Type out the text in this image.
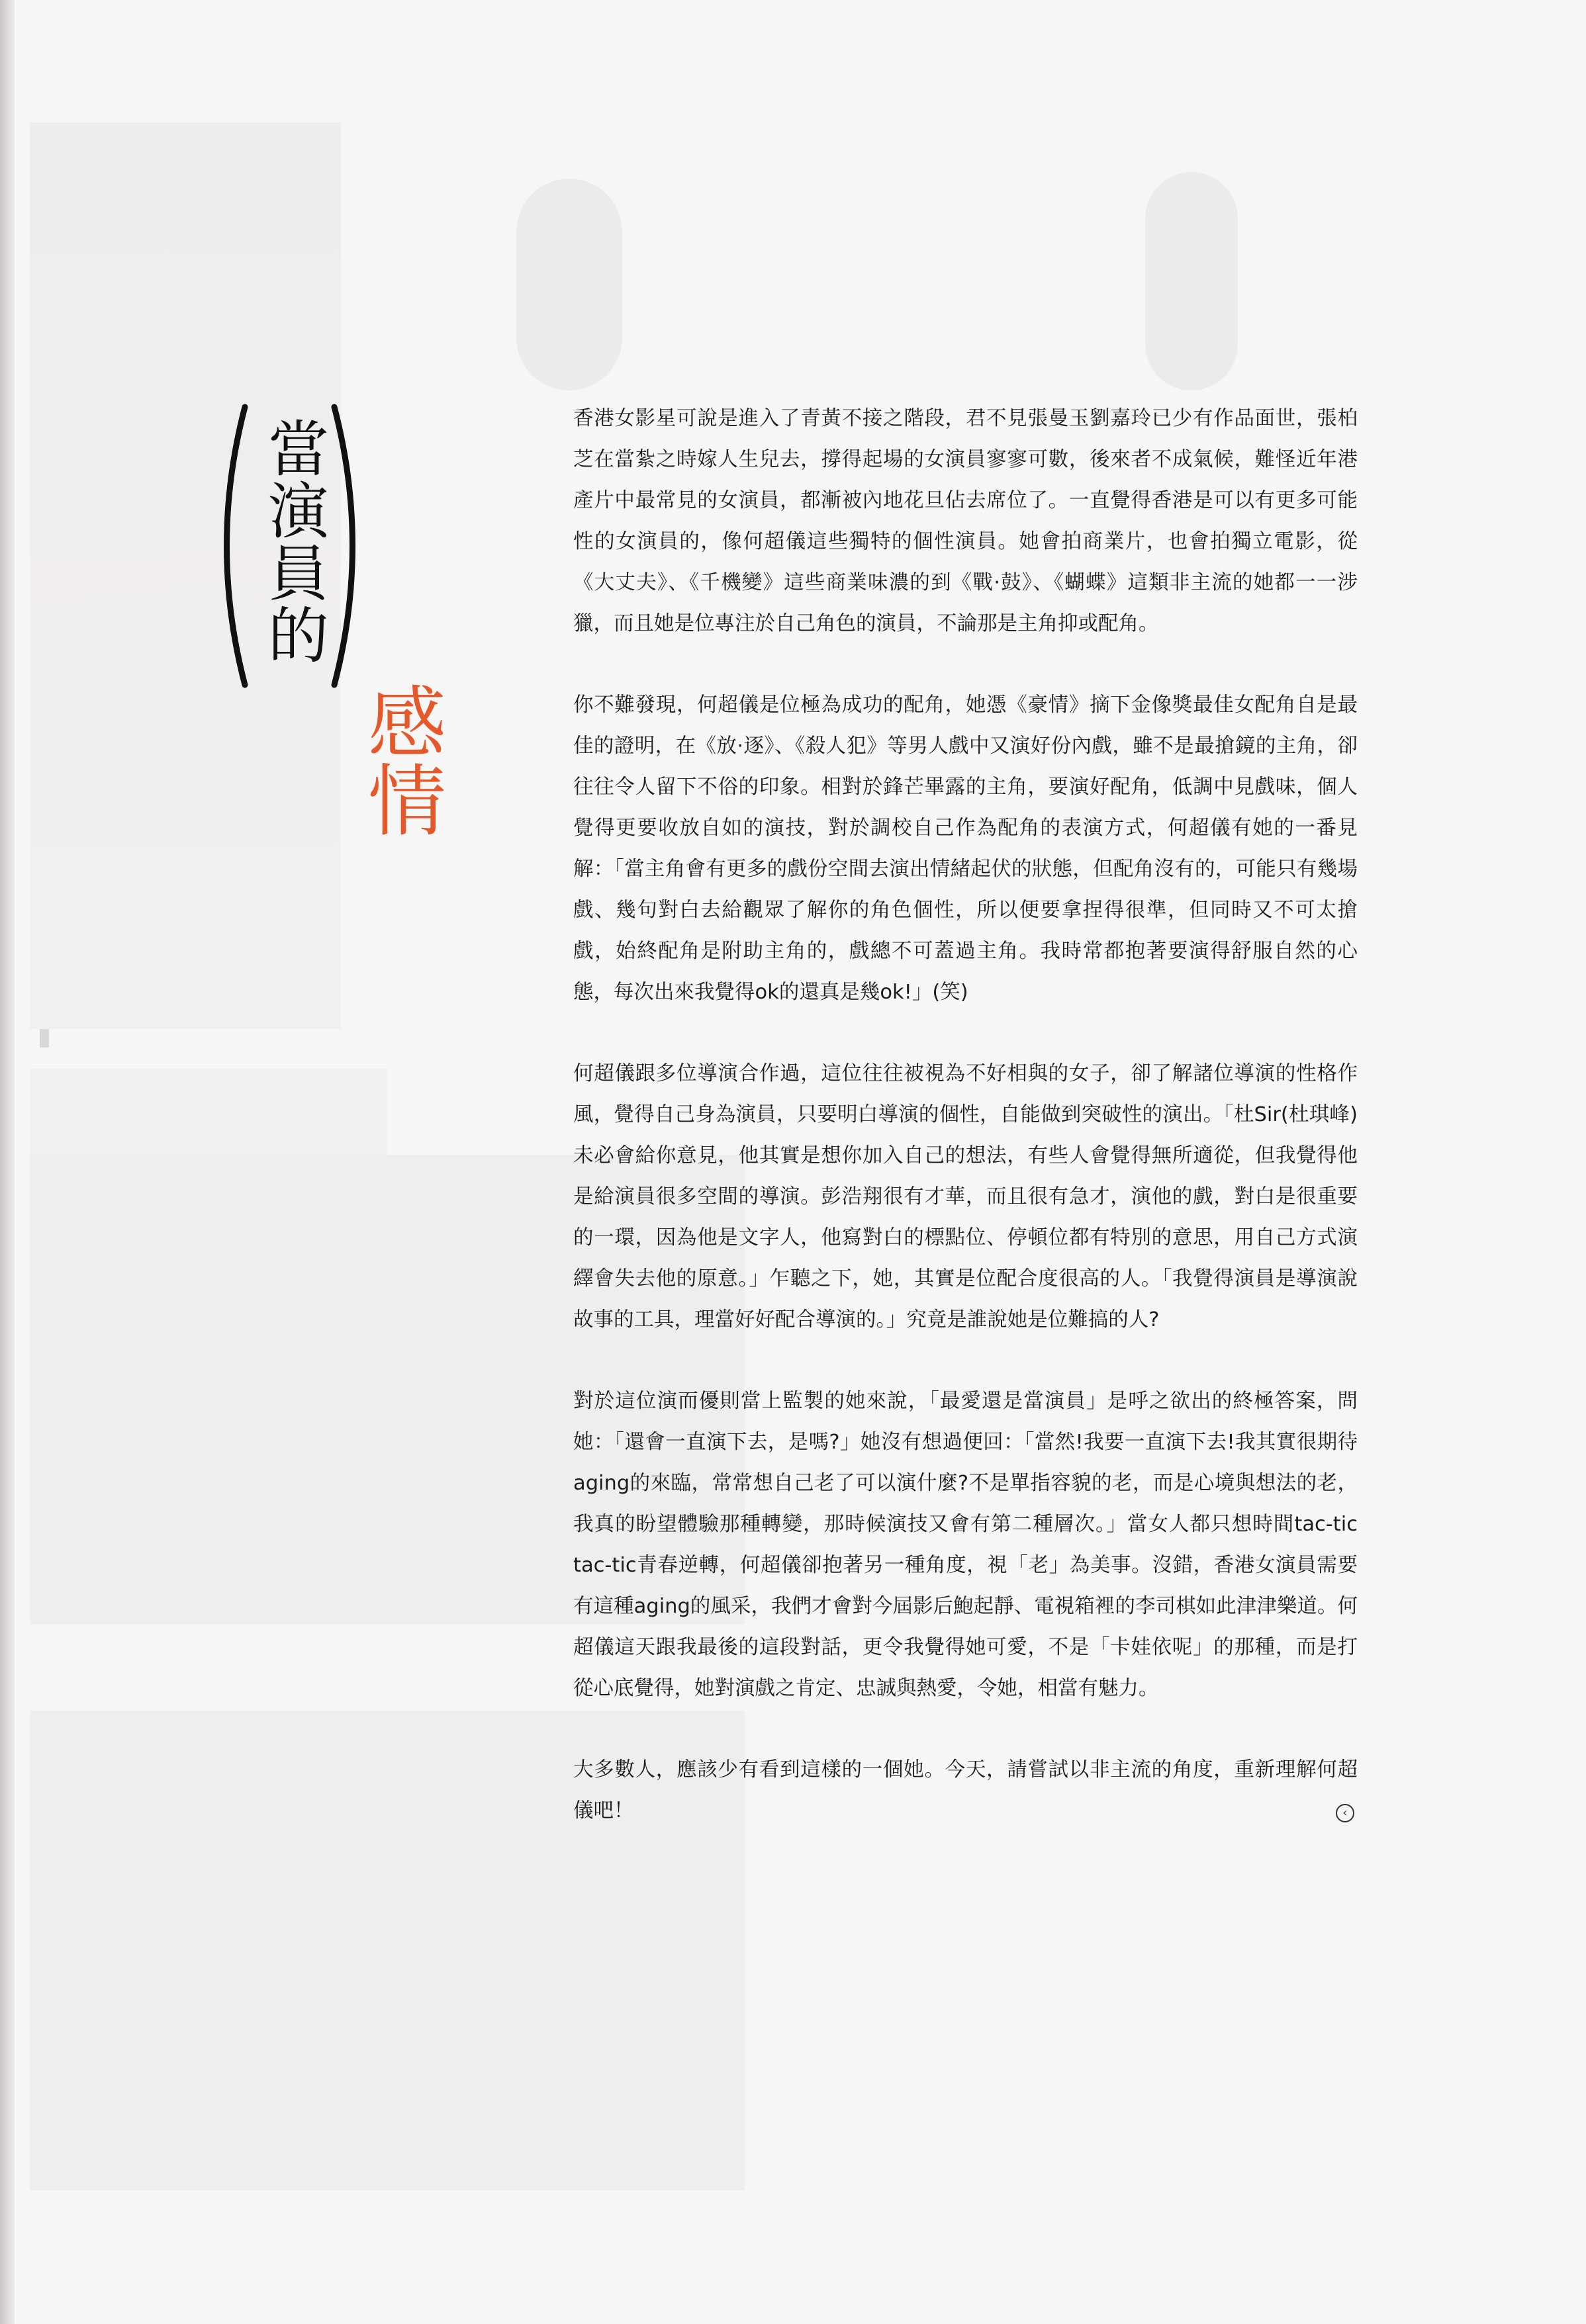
當演員的
感情

香港女影星可說是進入了青黃不接之階段，君不見張曼玉劉嘉玲已少有作品面世，張柏芝在當紮之時嫁人生兒去，撐得起場的女演員寥寥可數，後來者不成氣候，難怪近年港產片中最常見的女演員，都漸被內地花旦佔去席位了。一直覺得香港是可以有更多可能性的女演員的，像何超儀這些獨特的個性演員。她會拍商業片，也會拍獨立電影，從《大丈夫》、《千機變》這些商業味濃的到《戰·鼓》、《蝴蝶》這類非主流的她都一一涉獵，而且她是位專注於自己角色的演員，不論那是主角抑或配角。

你不難發現，何超儀是位極為成功的配角，她憑《豪情》摘下金像獎最佳女配角自是最佳的證明，在《放·逐》、《殺人犯》等男人戲中又演好份內戲，雖不是最搶鏡的主角，卻往往令人留下不俗的印象。相對於鋒芒畢露的主角，要演好配角，低調中見戲味，個人覺得更要收放自如的演技，對於調校自己作為配角的表演方式，何超儀有她的一番見解：「當主角會有更多的戲份空間去演出情緒起伏的狀態，但配角沒有的，可能只有幾場戲、幾句對白去給觀眾了解你的角色個性，所以便要拿捏得很準，但同時又不可太搶戲，始終配角是附助主角的，戲總不可蓋過主角。我時常都抱著要演得舒服自然的心態，每次出來我覺得ok的還真是幾ok!」(笑)

何超儀跟多位導演合作過，這位往往被視為不好相與的女子，卻了解諸位導演的性格作風，覺得自己身為演員，只要明白導演的個性，自能做到突破性的演出。「杜Sir(杜琪峰)未必會給你意見，他其實是想你加入自己的想法，有些人會覺得無所適從，但我覺得他是給演員很多空間的導演。彭浩翔很有才華，而且很有急才，演他的戲，對白是很重要的一環，因為他是文字人，他寫對白的標點位、停頓位都有特別的意思，用自己方式演繹會失去他的原意。」乍聽之下，她，其實是位配合度很高的人。「我覺得演員是導演說故事的工具，理當好好配合導演的。」究竟是誰說她是位難搞的人?

對於這位演而優則當上監製的她來說，「最愛還是當演員」是呼之欲出的終極答案，問她：「還會一直演下去，是嗎?」她沒有想過便回：「當然!我要一直演下去!我其實很期待aging的來臨，常常想自己老了可以演什麼?不是單指容貌的老，而是心境與想法的老，我真的盼望體驗那種轉變，那時候演技又會有第二種層次。」當女人都只想時間tac-tic tac-tic青春逆轉，何超儀卻抱著另一種角度，視「老」為美事。沒錯，香港女演員需要有這種aging的風采，我們才會對今屆影后鮑起靜、電視箱裡的李司棋如此津津樂道。何超儀這天跟我最後的這段對話，更令我覺得她可愛，不是「卡娃依呢」的那種，而是打從心底覺得，她對演戲之肯定、忠誠與熱愛，令她，相當有魅力。

大多數人，應該少有看到這樣的一個她。今天，請嘗試以非主流的角度，重新理解何超儀吧！	‹
